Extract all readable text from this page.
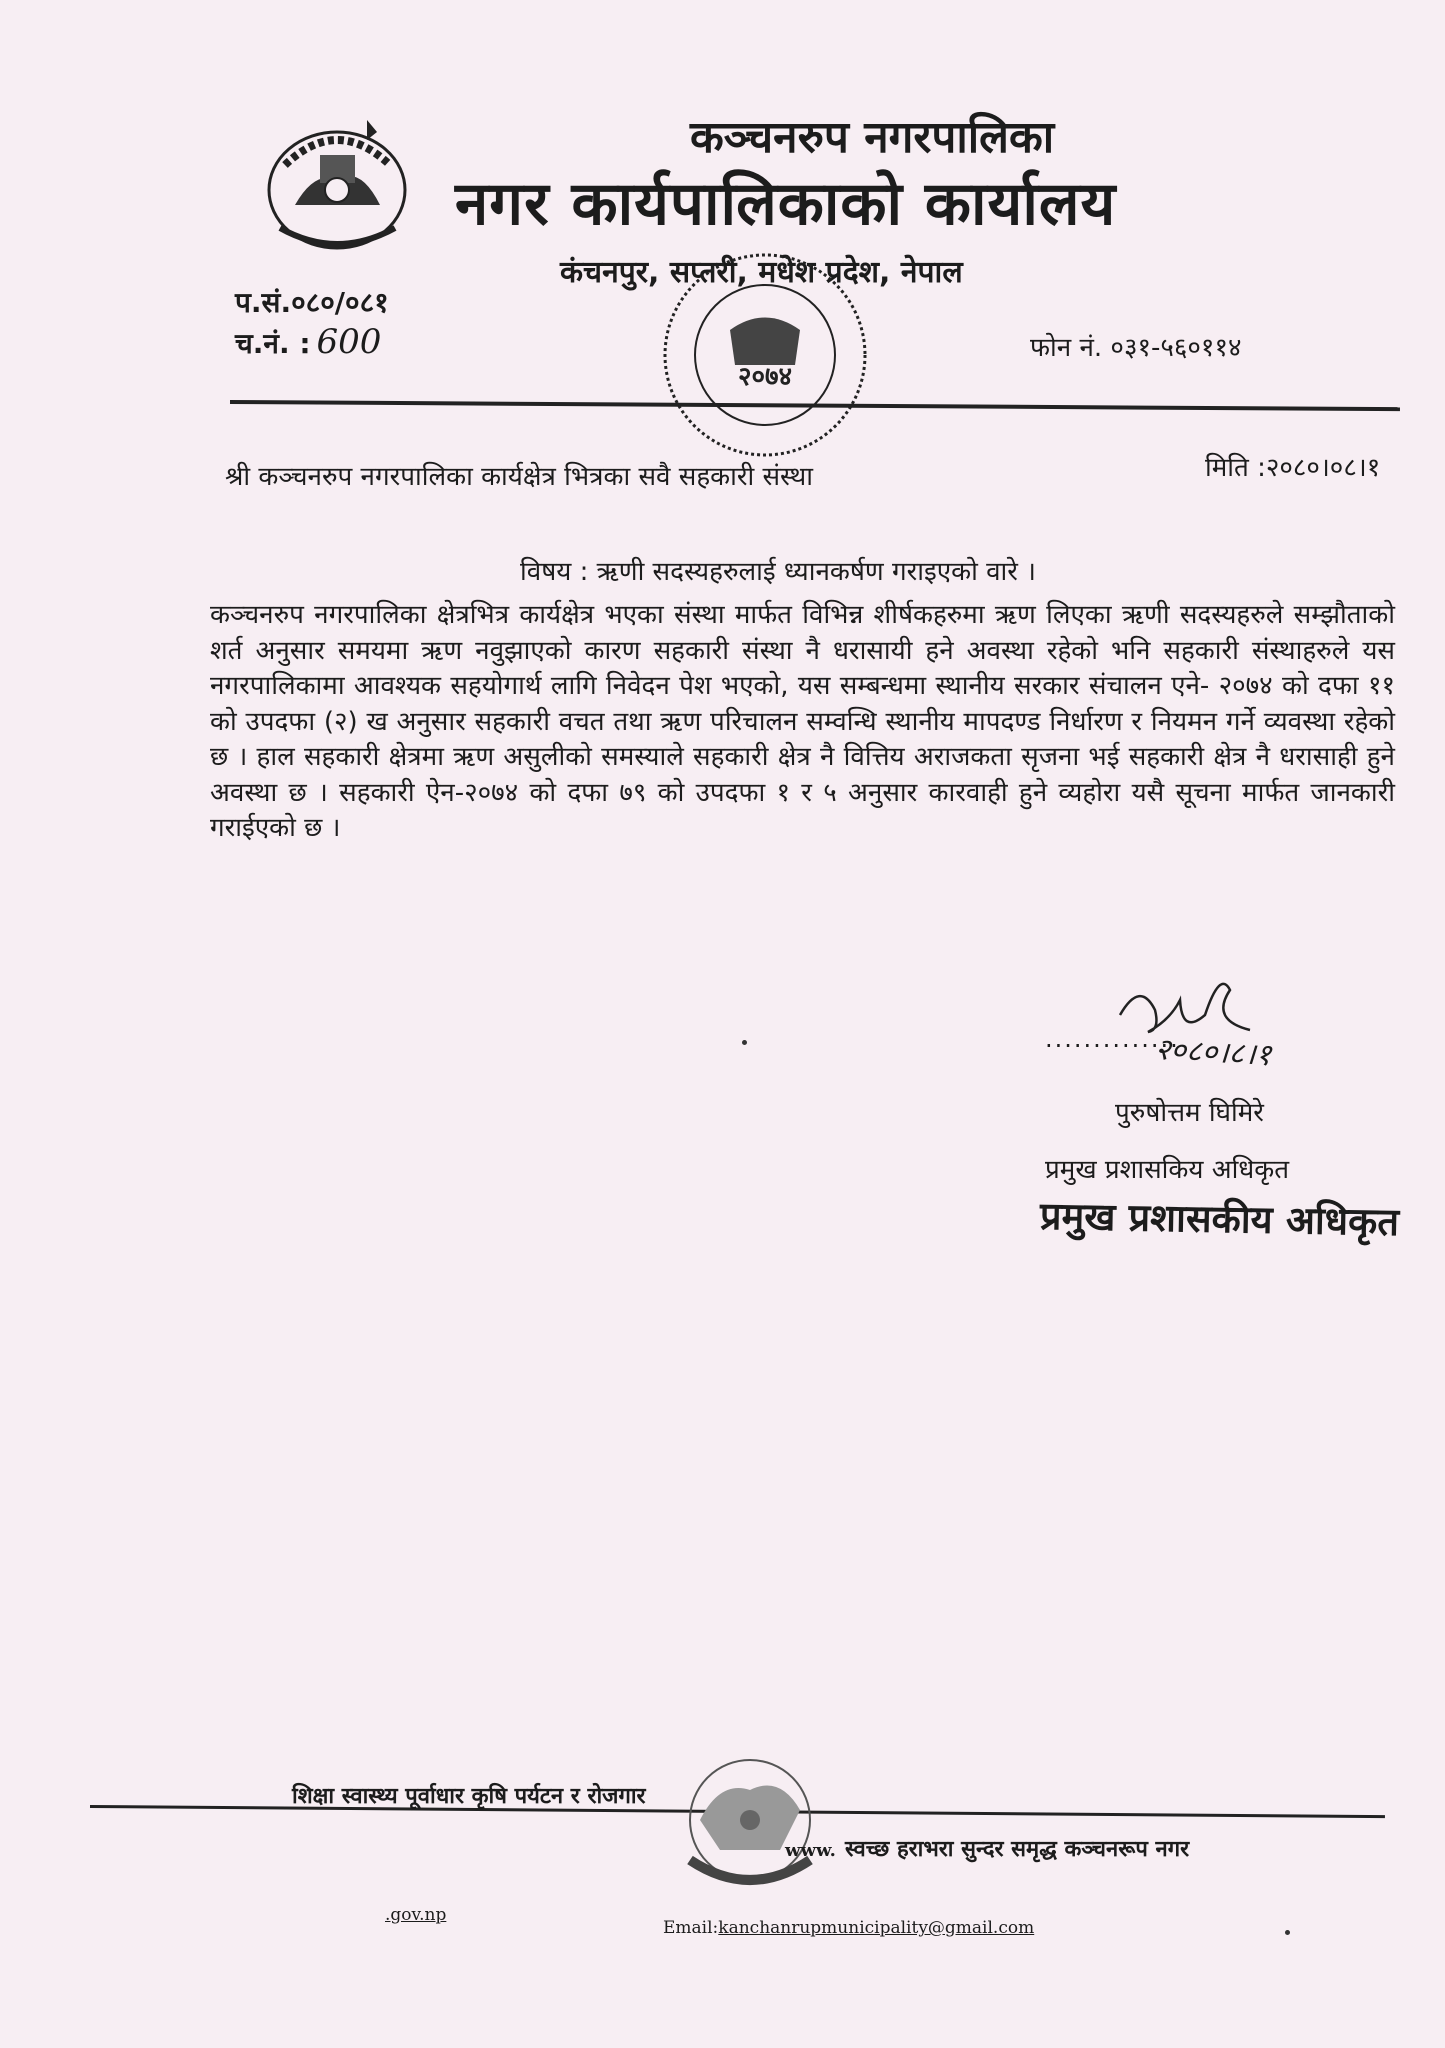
कञ्चनरुप नगरपालिका
नगर कार्यपालिकाको कार्यालय
कंचनपुर, सप्तरी, मधेश प्रदेश, नेपाल
प.सं.०८०/०८१
च.नं. : 600	फोन नं. ०३१-५६०११४
२०७४
मिति :२०८०।०८।१
श्री कञ्चनरुप नगरपालिका कार्यक्षेत्र भित्रका सवै सहकारी संस्था
विषय : ऋणी सदस्यहरुलाई ध्यानकर्षण गराइएको वारे ।

कञ्चनरुप नगरपालिका क्षेत्रभित्र कार्यक्षेत्र भएका संस्था मार्फत विभिन्न शीर्षकहरुमा ऋण लिएका ऋणी सदस्यहरुले सम्झौताको शर्त अनुसार समयमा ऋण नवुझाएको कारण सहकारी संस्था नै धरासायी हने अवस्था रहेको भनि सहकारी संस्थाहरुले यस नगरपालिकामा आवश्यक सहयोगार्थ लागि निवेदन पेश भएको, यस सम्बन्धमा स्थानीय सरकार संचालन एने- २०७४ को दफा ११ को उपदफा (२) ख अनुसार सहकारी वचत तथा ऋण परिचालन सम्वन्धि स्थानीय मापदण्ड निर्धारण र नियमन गर्ने व्यवस्था रहेको छ । हाल सहकारी क्षेत्रमा ऋण असुलीको समस्याले सहकारी क्षेत्र नै वित्तिय अराजकता सृजना भई सहकारी क्षेत्र नै धरासाही हुने अवस्था छ । सहकारी ऐन-२०७४ को दफा ७९ को उपदफा १ र ५ अनुसार कारवाही हुने व्यहोरा यसै सूचना मार्फत जानकारी गराईएको छ ।

..............
२०८०।८।१
पुरुषोत्तम घिमिरे
प्रमुख प्रशासकिय अधिकृत
प्रमुख प्रशासकीय अधिकृत
शिक्षा स्वास्थ्य पूर्वाधार कृषि पर्यटन र रोजगार
स्वच्छ हराभरा सुन्दर समृद्ध कञ्चनरूप नगर
www.
.gov.np
Email:kanchanrupmunicipality@gmail.com
